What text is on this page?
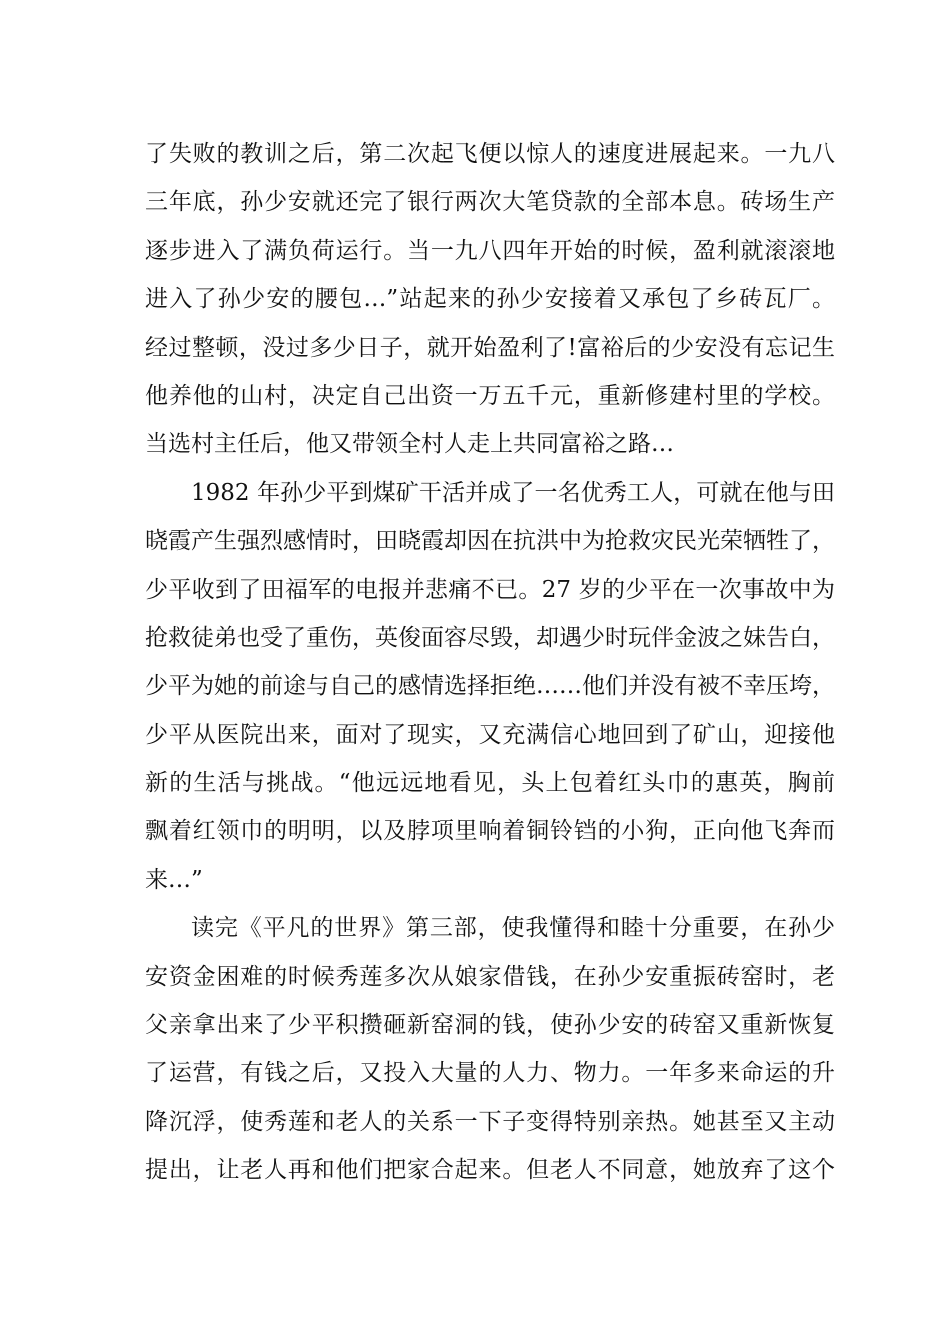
了失败的教训之后，第二次起飞便以惊人的速度进展起来。一九八
三年底，孙少安就还完了银行两次大笔贷款的全部本息。砖场生产
逐步进入了满负荷运行。当一九八四年开始的时候，盈利就滚滚地
进入了孙少安的腰包…”站起来的孙少安接着又承包了乡砖瓦厂。
经过整顿，没过多少日子，就开始盈利了!富裕后的少安没有忘记生
他养他的山村，决定自己出资一万五千元，重新修建村里的学校。
当选村主任后，他又带领全村人走上共同富裕之路…
1982 年孙少平到煤矿干活并成了一名优秀工人，可就在他与田
晓霞产生强烈感情时，田晓霞却因在抗洪中为抢救灾民光荣牺牲了，
少平收到了田福军的电报并悲痛不已。27 岁的少平在一次事故中为
抢救徒弟也受了重伤，英俊面容尽毁，却遇少时玩伴金波之妹告白，
少平为她的前途与自己的感情选择拒绝……他们并没有被不幸压垮，
少平从医院出来，面对了现实，又充满信心地回到了矿山，迎接他
新的生活与挑战。“他远远地看见，头上包着红头巾的惠英，胸前
飘着红领巾的明明，以及脖项里响着铜铃铛的小狗，正向他飞奔而
来…”
读完《平凡的世界》第三部，使我懂得和睦十分重要，在孙少
安资金困难的时候秀莲多次从娘家借钱，在孙少安重振砖窑时，老
父亲拿出来了少平积攒砸新窑洞的钱，使孙少安的砖窑又重新恢复
了运营，有钱之后，又投入大量的人力、物力。一年多来命运的升
降沉浮，使秀莲和老人的关系一下子变得特别亲热。她甚至又主动
提出，让老人再和他们把家合起来。但老人不同意，她放弃了这个
